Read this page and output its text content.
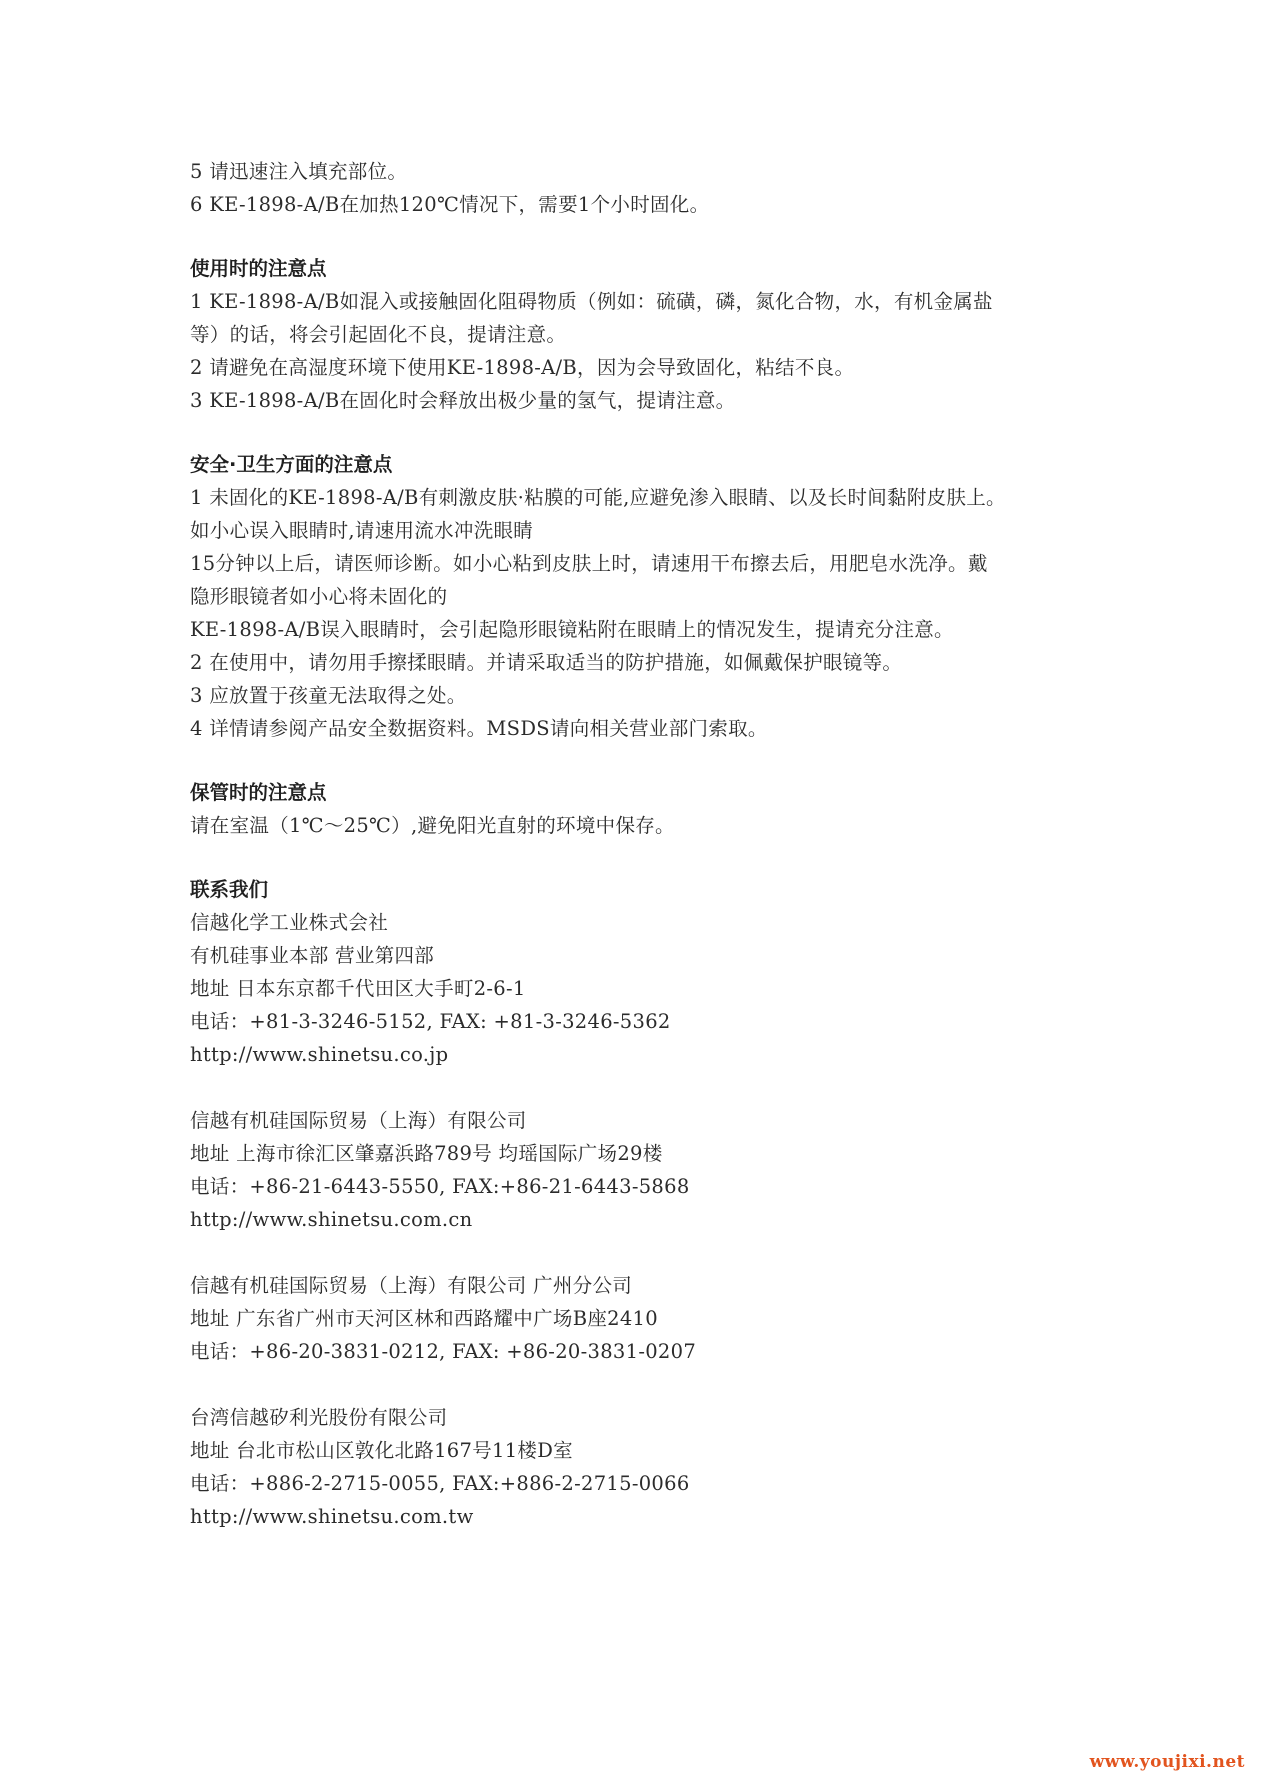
5 请迅速注入填充部位。
6 KE-1898-A/B在加热120℃情况下，需要1个小时固化。
使用时的注意点
1 KE-1898-A/B如混入或接触固化阻碍物质（例如：硫磺，磷，氮化合物，水，有机金属盐
等）的话，将会引起固化不良，提请注意。
2 请避免在高湿度环境下使用KE-1898-A/B，因为会导致固化，粘结不良。
3 KE-1898-A/B在固化时会释放出极少量的氢气，提请注意。
安全·卫生方面的注意点
1 未固化的KE-1898-A/B有刺激皮肤·粘膜的可能,应避免渗入眼睛、以及长时间黏附皮肤上。
如小心误入眼睛时,请速用流水冲洗眼睛
15分钟以上后，请医师诊断。如小心粘到皮肤上时，请速用干布擦去后，用肥皂水洗净。戴
隐形眼镜者如小心将未固化的
KE-1898-A/B误入眼睛时，会引起隐形眼镜粘附在眼睛上的情况发生，提请充分注意。
2 在使用中，请勿用手擦揉眼睛。并请采取适当的防护措施，如佩戴保护眼镜等。
3 应放置于孩童无法取得之处。
4 详情请参阅产品安全数据资料。MSDS请向相关营业部门索取。
保管时的注意点
请在室温（1℃～25℃）,避免阳光直射的环境中保存。
联系我们
信越化学工业株式会社
有机硅事业本部 营业第四部
地址 日本东京都千代田区大手町2-6-1
电话：+81-3-3246-5152, FAX: +81-3-3246-5362
http://www.shinetsu.co.jp
信越有机硅国际贸易（上海）有限公司
地址 上海市徐汇区肇嘉浜路789号 均瑶国际广场29楼
电话：+86-21-6443-5550, FAX:+86-21-6443-5868
http://www.shinetsu.com.cn
信越有机硅国际贸易（上海）有限公司 广州分公司
地址 广东省广州市天河区林和西路耀中广场B座2410
电话：+86-20-3831-0212, FAX: +86-20-3831-0207
台湾信越矽利光股份有限公司
地址 台北市松山区敦化北路167号11楼D室
电话：+886-2-2715-0055, FAX:+886-2-2715-0066
http://www.shinetsu.com.tw
www.youjixi.net
